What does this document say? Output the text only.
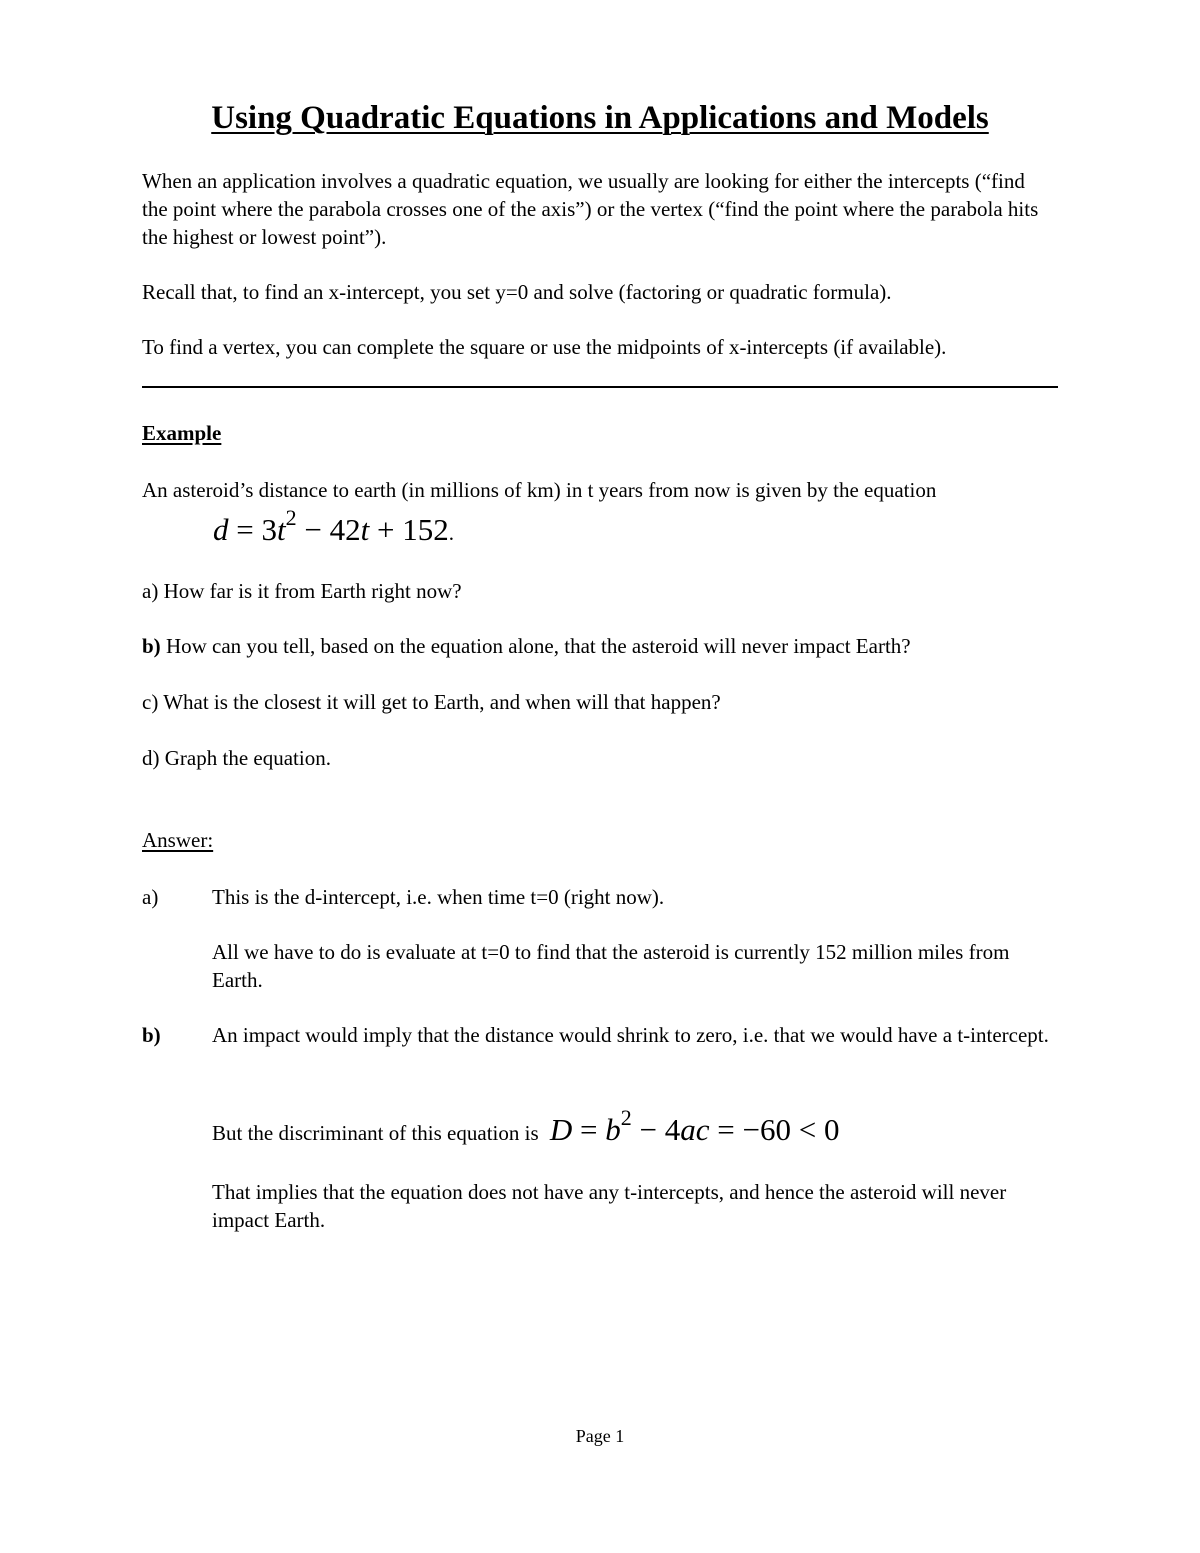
Using Quadratic Equations in Applications and Models
When an application involves a quadratic equation, we usually are looking for either the intercepts (“find the point where the parabola crosses one of the axis”) or the vertex (“find the point where the parabola hits the highest or lowest point”).
Recall that, to find an x-intercept, you set y=0 and solve (factoring or quadratic formula).
To find a vertex, you can complete the square or use the midpoints of x-intercepts (if available).
Example
An asteroid’s distance to earth (in millions of km) in t years from now is given by the equation
$d = 3t^2 - 42t + 152$.
a) How far is it from Earth right now?
b) How can you tell, based on the equation alone, that the asteroid will never impact Earth?
c) What is the closest it will get to Earth, and when will that happen?
d) Graph the equation.
Answer:
a)	This is the d-intercept, i.e. when time t=0 (right now).
All we have to do is evaluate at t=0 to find that the asteroid is currently 152 million miles from Earth.
b) An impact would imply that the distance would shrink to zero, i.e. that we would have a t-intercept.
But the discriminant of this equation is $D = b^2 - 4ac = -60 < 0$
That implies that the equation does not have any t-intercepts, and hence the asteroid will never impact Earth.
Page 1
